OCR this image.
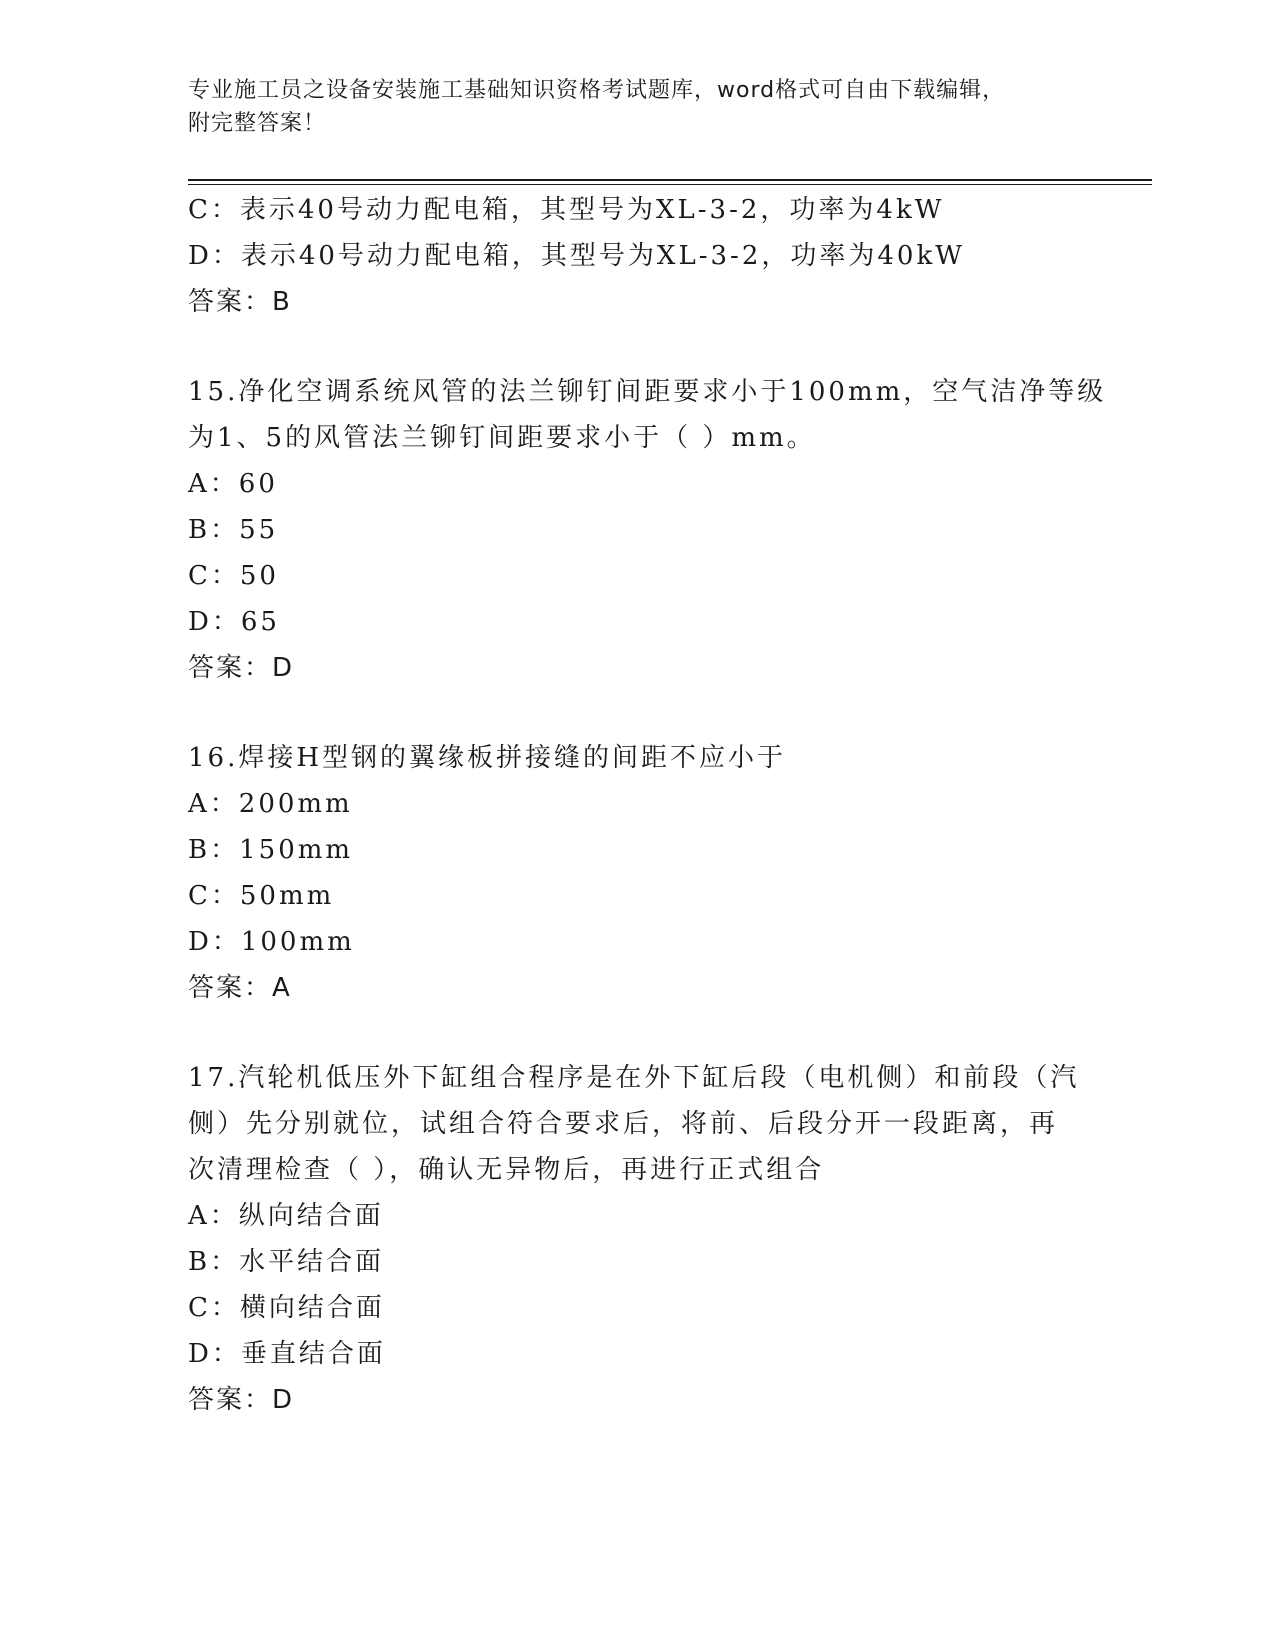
专业施工员之设备安装施工基础知识资格考试题库，word格式可自由下载编辑，
附完整答案！
C：表示40号动力配电箱，其型号为XL-3-2，功率为4kW
D：表示40号动力配电箱，其型号为XL-3-2，功率为40kW
答案：B
15.净化空调系统风管的法兰铆钉间距要求小于100mm，空气洁净等级
为1、5的风管法兰铆钉间距要求小于（ ）mm。
A：60
B：55
C：50
D：65
答案：D
16.焊接H型钢的翼缘板拼接缝的间距不应小于
A：200mm
B：150mm
C：50mm
D：100mm
答案：A
17.汽轮机低压外下缸组合程序是在外下缸后段（电机侧）和前段（汽
侧）先分别就位，试组合符合要求后，将前、后段分开一段距离，再
次清理检查（ ），确认无异物后，再进行正式组合
A：纵向结合面
B：水平结合面
C：横向结合面
D：垂直结合面
答案：D
